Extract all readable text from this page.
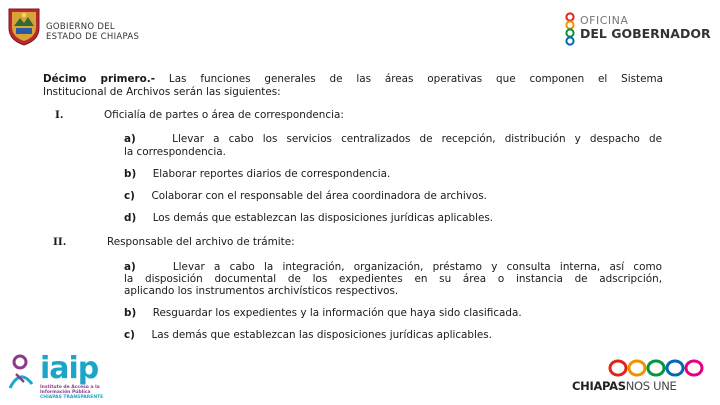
GOBIERNO DEL
ESTADO DE CHIAPAS
OFICINA
DEL GOBERNADOR
Décimo primero.- Las funciones generales de las áreas operativas que componen el Sistema
Institucional de Archivos serán las siguientes:
I.	Oficialía de partes o área de correspondencia:
a)	Llevar a cabo los servicios centralizados de recepción, distribución y despacho de
la correspondencia.
b) Elaborar reportes diarios de correspondencia.
c) Colaborar con el responsable del área coordinadora de archivos.
d) Los demás que establezcan las disposiciones jurídicas aplicables.
II.	Responsable del archivo de trámite:
a)	Llevar a cabo la integración, organización, préstamo y consulta interna, así como
la disposición documental de los expedientes en su área o instancia de adscripción,
aplicando los instrumentos archivísticos respectivos.
b) Resguardar los expedientes y la información que haya sido clasificada.
c) Las demás que establezcan las disposiciones jurídicas aplicables.
iaip
Instituto de Acceso a la
Información Pública
CHIAPAS TRANSPARENTE
CHIAPASNOS UNE
